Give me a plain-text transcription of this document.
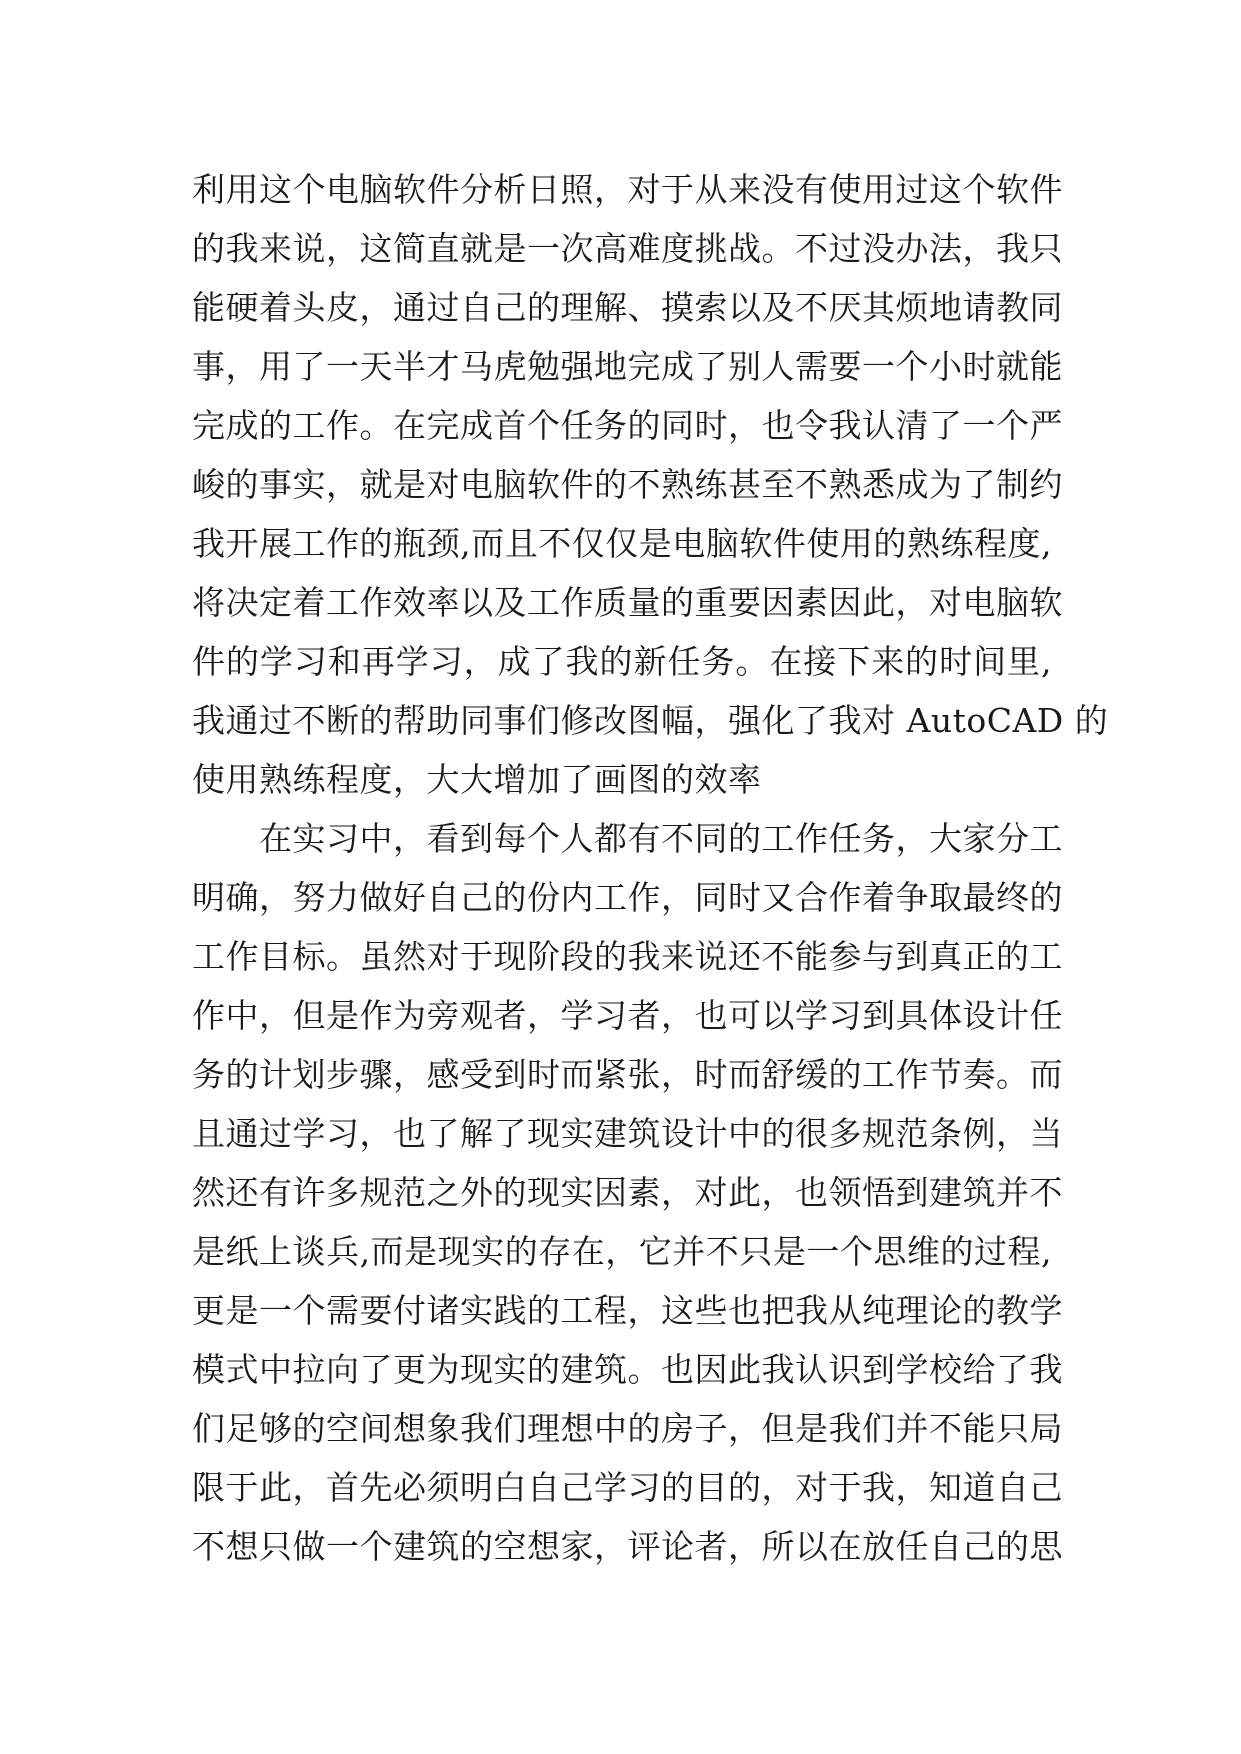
利用这个电脑软件分析日照，对于从来没有使用过这个软件
的我来说，这简直就是一次高难度挑战。不过没办法，我只
能硬着头皮，通过自己的理解、摸索以及不厌其烦地请教同
事，用了一天半才马虎勉强地完成了别人需要一个小时就能
完成的工作。在完成首个任务的同时，也令我认清了一个严
峻的事实，就是对电脑软件的不熟练甚至不熟悉成为了制约
我开展工作的瓶颈,而且不仅仅是电脑软件使用的熟练程度,
将决定着工作效率以及工作质量的重要因素因此，对电脑软
件的学习和再学习，成了我的新任务。在接下来的时间里,
我通过不断的帮助同事们修改图幅，强化了我对 AutoCAD 的
使用熟练程度，大大增加了画图的效率
　　在实习中，看到每个人都有不同的工作任务，大家分工
明确，努力做好自己的份内工作，同时又合作着争取最终的
工作目标。虽然对于现阶段的我来说还不能参与到真正的工
作中，但是作为旁观者，学习者，也可以学习到具体设计任
务的计划步骤，感受到时而紧张，时而舒缓的工作节奏。而
且通过学习，也了解了现实建筑设计中的很多规范条例，当
然还有许多规范之外的现实因素，对此，也领悟到建筑并不
是纸上谈兵,而是现实的存在，它并不只是一个思维的过程,
更是一个需要付诸实践的工程，这些也把我从纯理论的教学
模式中拉向了更为现实的建筑。也因此我认识到学校给了我
们足够的空间想象我们理想中的房子，但是我们并不能只局
限于此，首先必须明白自己学习的目的，对于我，知道自己
不想只做一个建筑的空想家，评论者，所以在放任自己的思
